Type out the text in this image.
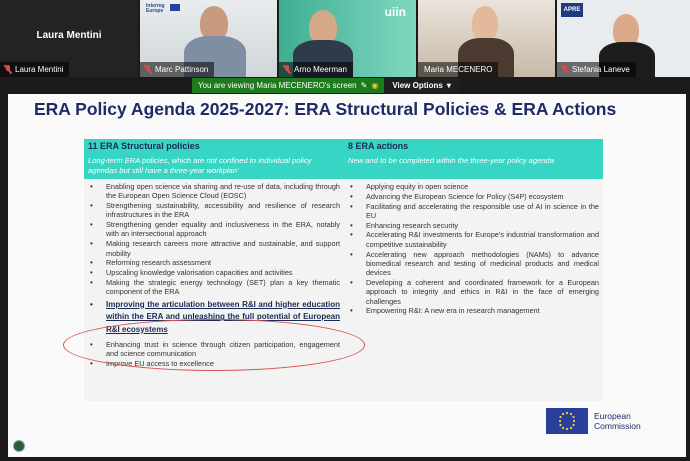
Laura Mentini
Laura Mentini
Interreg Europe
Marc Pattinson
uiin
Arno Meerman	Maria MECENERO
APRE
Stefania Laneve
You are viewing Maria MECENERO's screen ✎ ◉ View Options ▾
ERA Policy Agenda 2025-2027: ERA Structural Policies & ERA Actions
11 ERA Structural policies
Long-term ERA policies, which are not confined to individual policy agendas but still have a three-year workplan'
• Enabling open science via sharing and re-use of data, including through the European Open Science Cloud (EOSC)
• Strengthening sustainability, accessibility and resilience of research infrastructures in the ERA
• Strengthening gender equality and inclusiveness in the ERA, notably with an intersectional approach
• Making research careers more attractive and sustainable, and support mobility
• Reforming research assessment
• Upscaling knowledge valorisation capacities and activities
• Making the strategic energy technology (SET) plan a key thematic component of the ERA
• Improving the articulation between R&I and higher education within the ERA and unleashing the full potential of European R&I ecosystems
• Enhancing trust in science through citizen participation, engagement and science communication
• Improve EU access to excellence
8 ERA actions
New and to be completed within the three-year policy agenda
• Applying equity in open science
• Advancing the European Science for Policy (S4P) ecosystem
• Facilitating and accelerating the responsible use of AI in science in the EU
• Enhancing research security
• Accelerating R&I investments for Europe's industrial transformation and competitive sustainability
• Accelerating new approach methodologies (NAMs) to advance biomedical research and testing of medicinal products and medical devices
• Developing a coherent and coordinated framework for a European approach to integrity and ethics in R&I in the face of emerging challenges
• Empowering R&I: A new era in research management
European Commission
